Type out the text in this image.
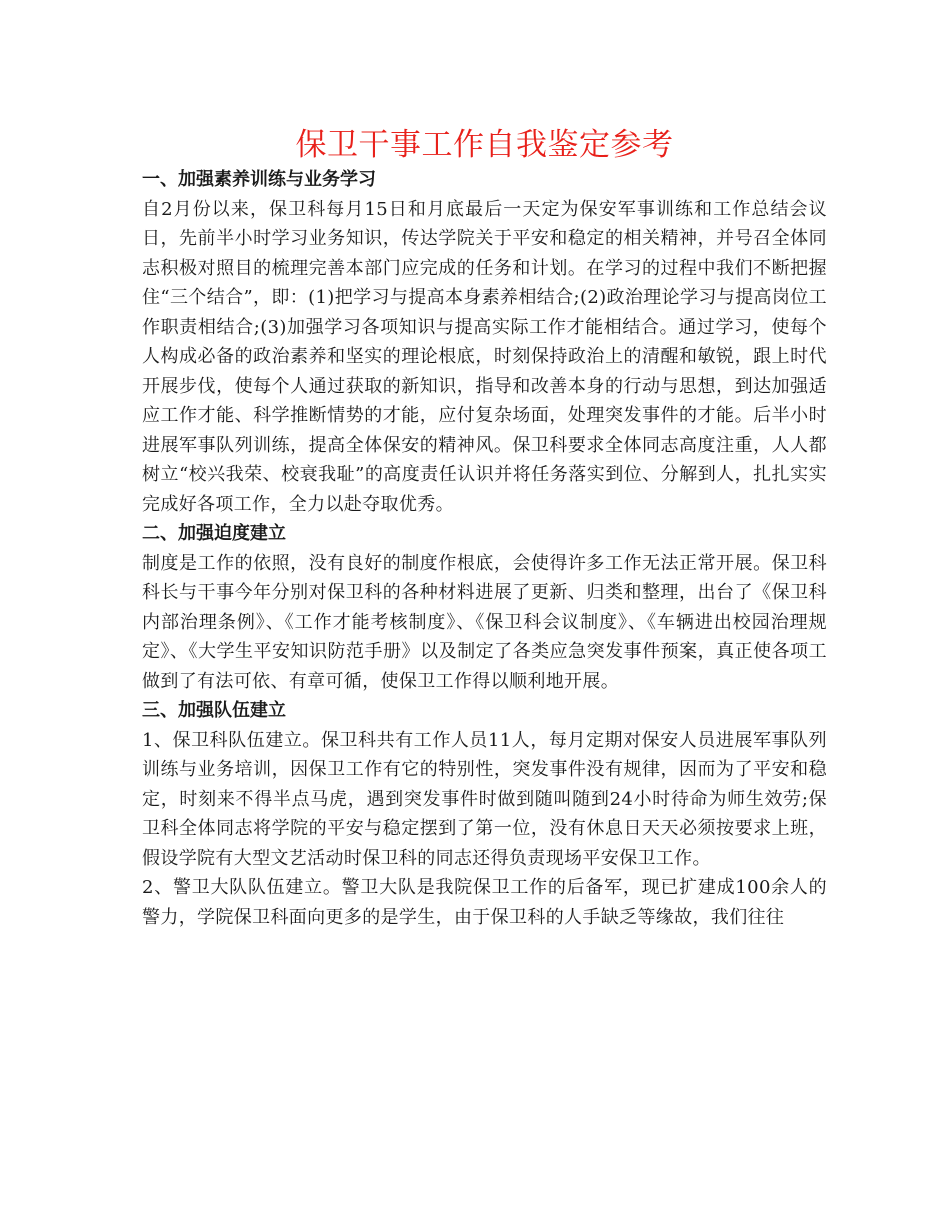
保卫干事工作自我鉴定参考
一、加强素养训练与业务学习

自2月份以来，保卫科每月15日和月底最后一天定为保安军事训练和工作总结会议日，先前半小时学习业务知识，传达学院关于平安和稳定的相关精神，并号召全体同志积极对照目的梳理完善本部门应完成的任务和计划。在学习的过程中我们不断把握住“三个结合”，即：(1)把学习与提高本身素养相结合;(2)政治理论学习与提高岗位工作职责相结合;(3)加强学习各项知识与提高实际工作才能相结合。通过学习，使每个人构成必备的政治素养和坚实的理论根底，时刻保持政治上的清醒和敏锐，跟上时代开展步伐，使每个人通过获取的新知识，指导和改善本身的行动与思想，到达加强适应工作才能、科学推断情势的才能，应付复杂场面，处理突发事件的才能。后半小时进展军事队列训练，提高全体保安的精神风。保卫科要求全体同志高度注重，人人都树立“校兴我荣、校衰我耻”的高度责任认识并将任务落实到位、分解到人，扎扎实实完成好各项工作，全力以赴夺取优秀。

二、加强迫度建立

制度是工作的依照，没有良好的制度作根底，会使得许多工作无法正常开展。保卫科科长与干事今年分别对保卫科的各种材料进展了更新、归类和整理，出台了《保卫科内部治理条例》、《工作才能考核制度》、《保卫科会议制度》、《车辆进出校园治理规定》、《大学生平安知识防范手册》以及制定了各类应急突发事件预案，真正使各项工做到了有法可依、有章可循，使保卫工作得以顺利地开展。

三、加强队伍建立

1、保卫科队伍建立。保卫科共有工作人员11人，每月定期对保安人员进展军事队列训练与业务培训，因保卫工作有它的特别性，突发事件没有规律，因而为了平安和稳定，时刻来不得半点马虎，遇到突发事件时做到随叫随到24小时待命为师生效劳;保卫科全体同志将学院的平安与稳定摆到了第一位，没有休息日天天必须按要求上班，假设学院有大型文艺活动时保卫科的同志还得负责现场平安保卫工作。

2、警卫大队队伍建立。警卫大队是我院保卫工作的后备军，现已扩建成100余人的警力，学院保卫科面向更多的是学生，由于保卫科的人手缺乏等缘故，我们往往
